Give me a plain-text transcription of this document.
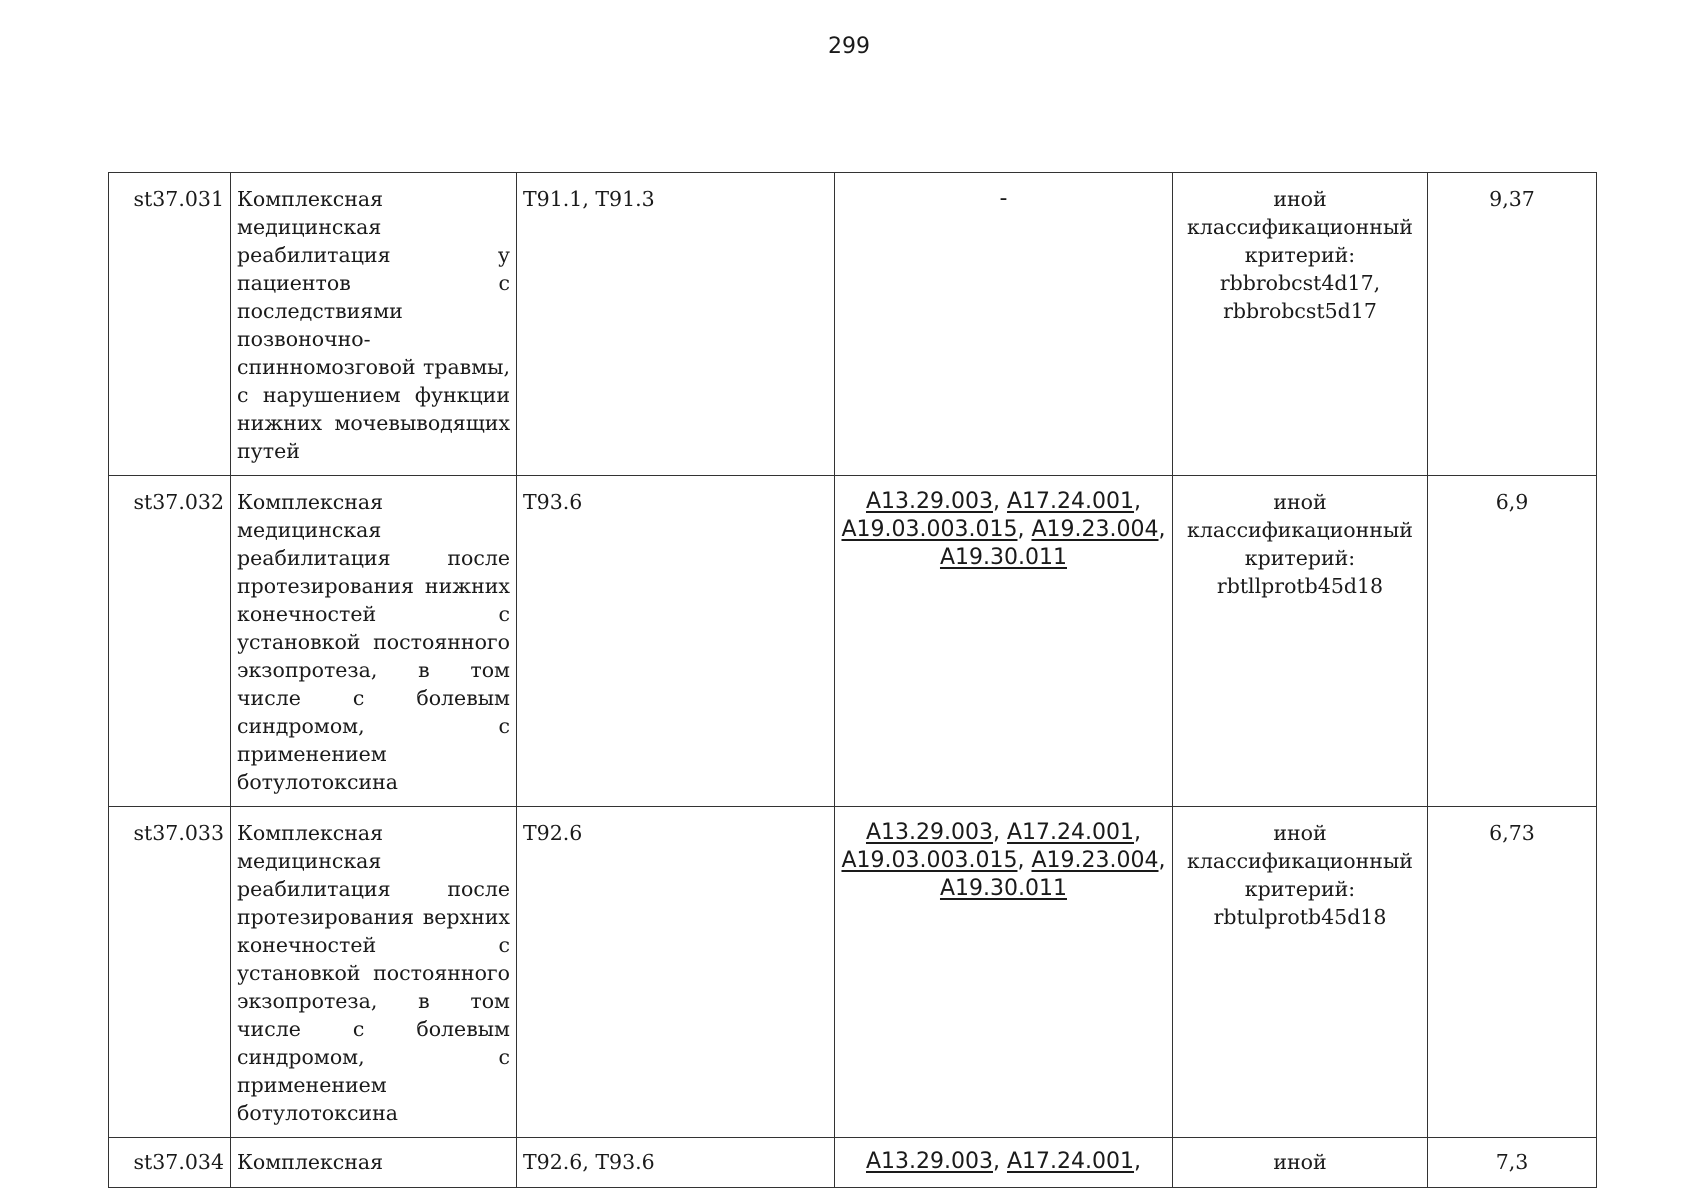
299
st37.031	Комплексная медицинская реабилитация у пациентов с последствиями позвоночно-спинномозговой травмы, с нарушением функции нижних мочевыводящих путей	T91.1, T91.3	-	иной классификационный критерий: rbbrobcst4d17, rbbrobcst5d17	9,37
st37.032	Комплексная медицинская реабилитация после протезирования нижних конечностей с установкой постоянного экзопротеза, в том числе с болевым синдромом, с применением ботулотоксина	T93.6	A13.29.003, A17.24.001, A19.03.003.015, A19.23.004, A19.30.011	иной классификационный критерий: rbtllprotb45d18	6,9
st37.033	Комплексная медицинская реабилитация после протезирования верхних конечностей с установкой постоянного экзопротеза, в том числе с болевым синдромом, с применением ботулотоксина	T92.6	A13.29.003, A17.24.001, A19.03.003.015, A19.23.004, A19.30.011	иной классификационный критерий: rbtulprotb45d18	6,73
st37.034	Комплексная	T92.6, T93.6	A13.29.003, A17.24.001,	иной	7,3
